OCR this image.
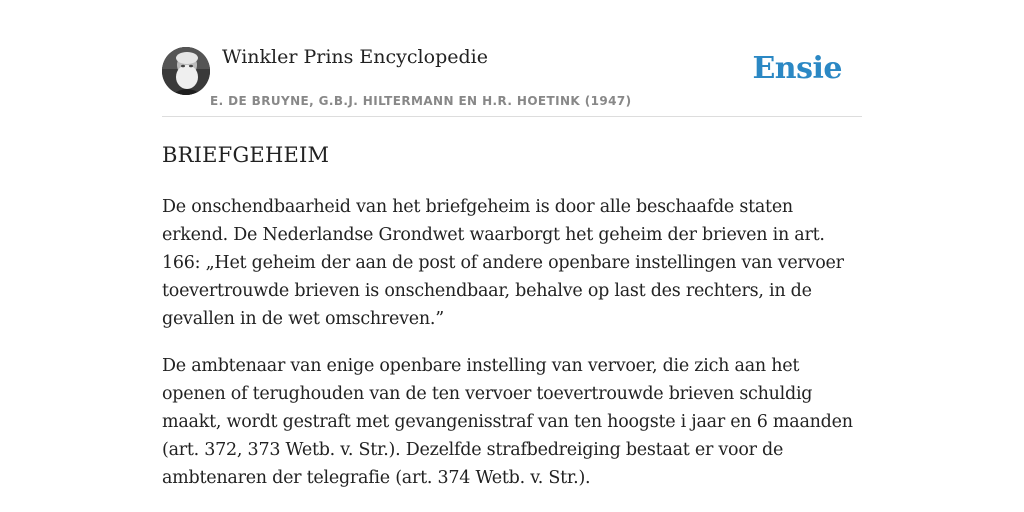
Winkler Prins Encyclopedie
E. DE BRUYNE, G.B.J. HILTERMANN EN H.R. HOETINK (1947)
Ensie
BRIEFGEHEIM

De onschendbaarheid van het briefgeheim is door alle beschaafde staten erkend. De Nederlandse Grondwet waarborgt het geheim der brieven in art. 166: „Het geheim der aan de post of andere openbare instellingen van vervoer toevertrouwde brieven is onschendbaar, behalve op last des rechters, in de gevallen in de wet omschreven.”

De ambtenaar van enige openbare instelling van vervoer, die zich aan het openen of terughouden van de ten vervoer toevertrouwde brieven schuldig maakt, wordt gestraft met gevangenisstraf van ten hoogste i jaar en 6 maanden (art. 372, 373 Wetb. v. Str.). Dezelfde strafbedreiging bestaat er voor de ambtenaren der telegrafie (art. 374 Wetb. v. Str.).
